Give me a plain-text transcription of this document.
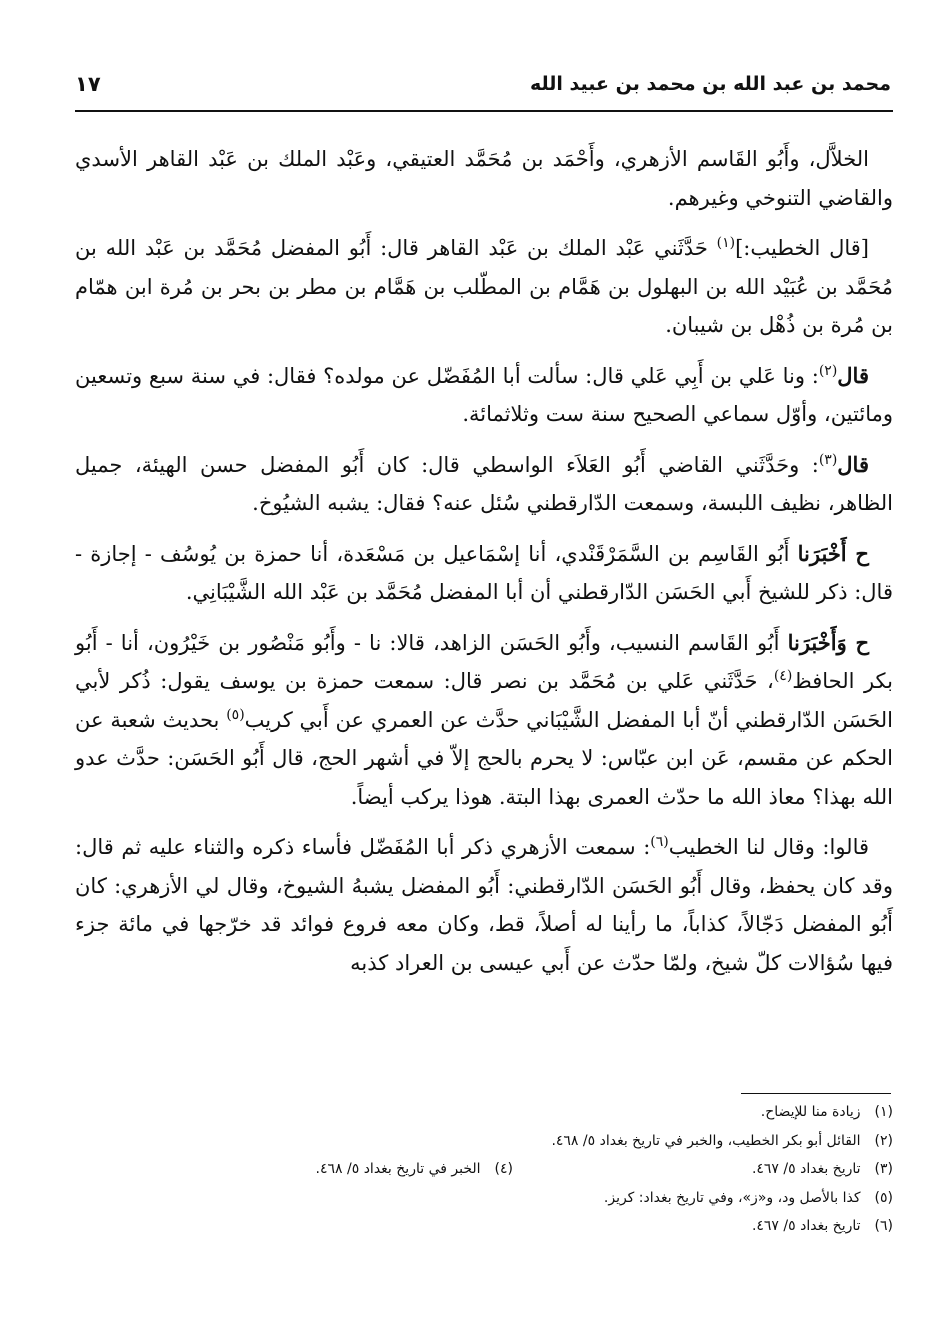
محمد بن عبد الله بن محمد بن عبيد الله
١٧

الخلاَّل، وأَبُو القَاسم الأزهري، وأَحْمَد بن مُحَمَّد العتيقي، وعَبْد الملك بن عَبْد القاهر الأسدي والقاضي التنوخي وغيرهم.

[قال الخطيب:]$^{(١)}$ حَدَّثَني عَبْد الملك بن عَبْد القاهر قال: أَبُو المفضل مُحَمَّد بن عَبْد الله بن مُحَمَّد بن عُبَيْد الله بن البهلول بن هَمَّام بن المطّلب بن هَمَّام بن مطر بن بحر بن مُرة ابن همّام بن مُرة بن ذُهْل بن شيبان.

قال$^{(٢)}$: ونا عَلي بن أَبِي عَلي قال: سألت أبا المُفَضّل عن مولده؟ فقال: في سنة سبع وتسعين ومائتين، وأوّل سماعي الصحيح سنة ست وثلاثمائة.

قال$^{(٣)}$: وحَدَّثَني القاضي أَبُو العَلاَء الواسطي قال: كان أَبُو المفضل حسن الهيئة، جميل الظاهر، نظيف اللبسة، وسمعت الدّارقطني سُئل عنه؟ فقال: يشبه الشيُوخ.

ح أَخْبَرَنا أَبُو القَاسِم بن السَّمَرْقَنْدي، أنا إسْمَاعيل بن مَسْعَدة، أنا حمزة بن يُوسُف - إجازة - قال: ذكر للشيخ أَبي الحَسَن الدّارقطني أن أبا المفضل مُحَمَّد بن عَبْد الله الشَّيْبَانِي.

ح وَأَخْبَرَنا أَبُو القَاسم النسيب، وأَبُو الحَسَن الزاهد، قالا: نا - وأَبُو مَنْصُور بن خَيْرُون، أنا - أَبُو بكر الحافظ$^{(٤)}$، حَدَّثَني عَلي بن مُحَمَّد بن نصر قال: سمعت حمزة بن يوسف يقول: ذُكر لأبي الحَسَن الدّارقطني أنّ أبا المفضل الشَّيْبَاني حدَّث عن العمري عن أَبي كريب$^{(٥)}$ بحديث شعبة عن الحكم عن مقسم، عَن ابن عبّاس: لا يحرم بالحج إلاّ في أشهر الحج، قال أَبُو الحَسَن: حدَّث عدو الله بهذا؟ معاذ الله ما حدّث العمرى بهذا البتة. هوذا يركب أيضاً.

قالوا: وقال لنا الخطيب$^{(٦)}$: سمعت الأزهري ذكر أبا المُفَضّل فأساء ذكره والثناء عليه ثم قال: وقد كان يحفظ، وقال أَبُو الحَسَن الدّارقطني: أَبُو المفضل يشبهُ الشيوخ، وقال لي الأزهري: كان أَبُو المفضل دَجّالاً، كذاباً، ما رأينا له أصلاً، قط، وكان معه فروع فوائد قد خرّجها في مائة جزء فيها سُؤالات كلّ شيخ، ولمّا حدّث عن أَبي عيسى بن العراد كذبه

(١) زيادة منا للإيضاح.
(٢) القائل أبو بكر الخطيب، والخبر في تاريخ بغداد ٥/ ٤٦٨.
(٣) تاريخ بغداد ٥/ ٤٦٧.
(٤) الخبر في تاريخ بغداد ٥/ ٤٦٨.
(٥) كذا بالأصل ود، و«ز»، وفي تاريخ بغداد: كريز.
(٦) تاريخ بغداد ٥/ ٤٦٧.
